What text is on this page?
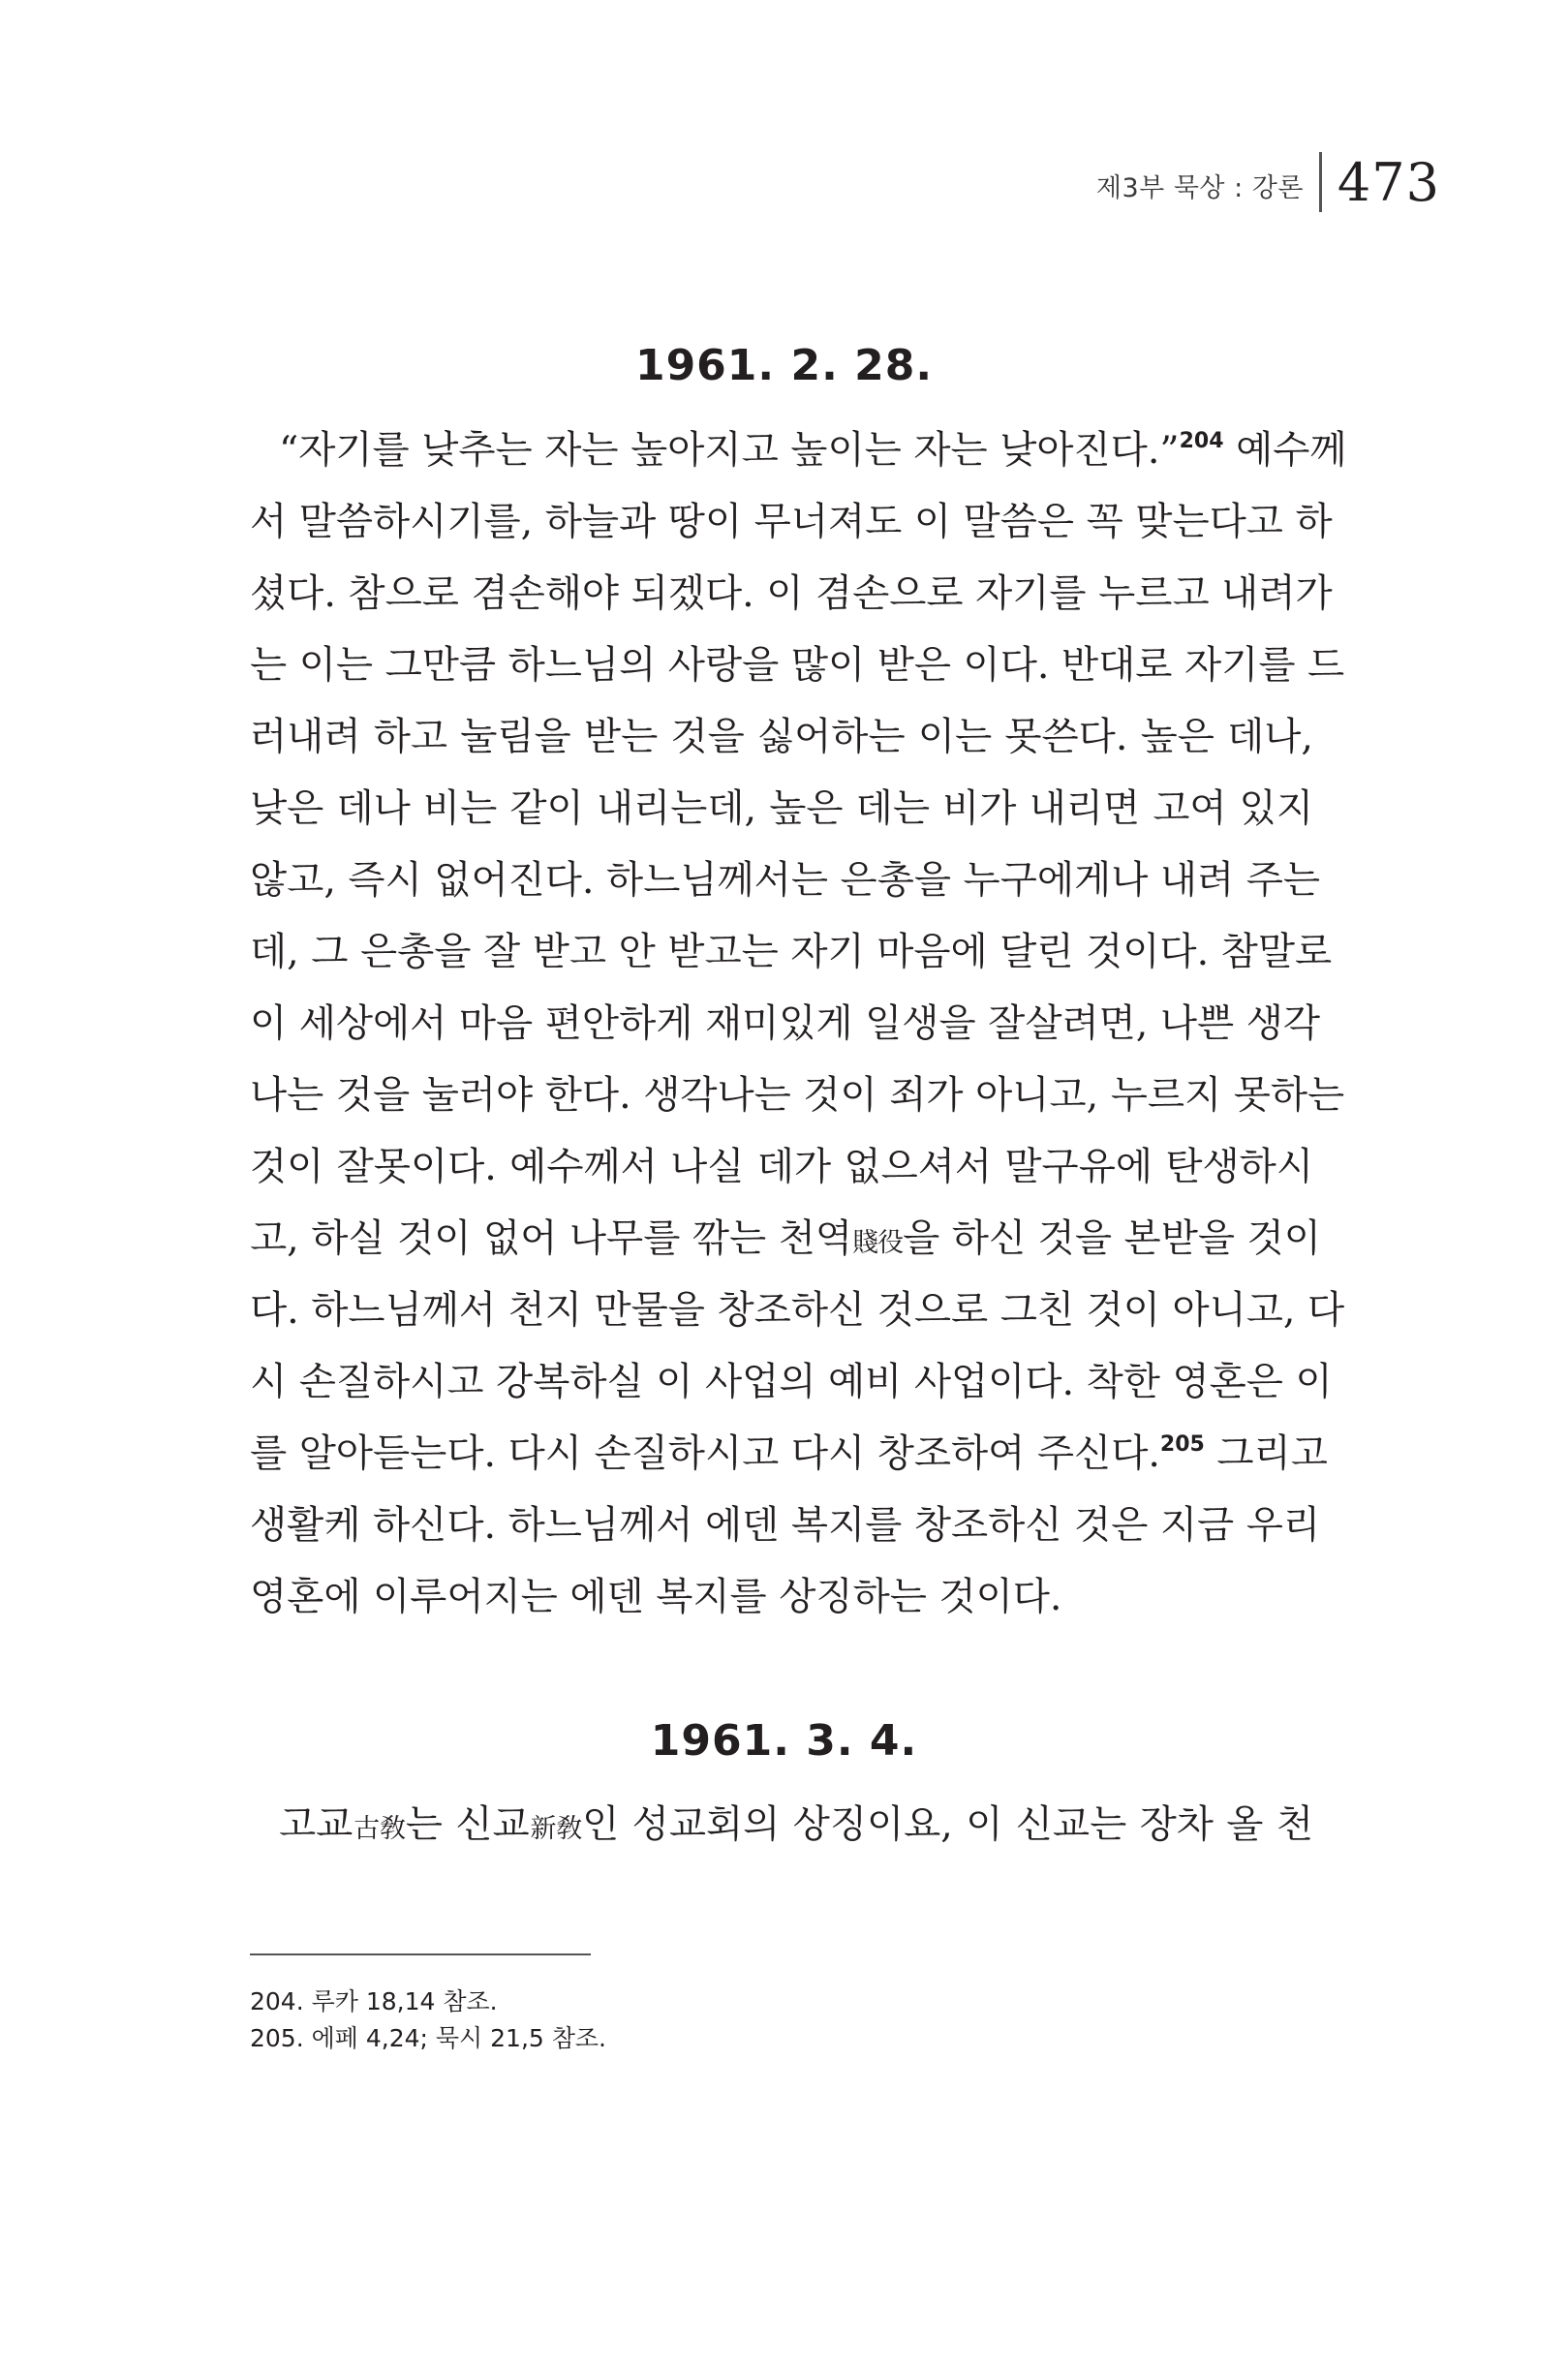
제3부 묵상 : 강론 473
1961. 2. 28.
“자기를 낮추는 자는 높아지고 높이는 자는 낮아진다.”$^{204}$ 예수께
서 말씀하시기를, 하늘과 땅이 무너져도 이 말씀은 꼭 맞는다고 하
셨다. 참으로 겸손해야 되겠다. 이 겸손으로 자기를 누르고 내려가
는 이는 그만큼 하느님의 사랑을 많이 받은 이다. 반대로 자기를 드
러내려 하고 눌림을 받는 것을 싫어하는 이는 못쓴다. 높은 데나,
낮은 데나 비는 같이 내리는데, 높은 데는 비가 내리면 고여 있지
않고, 즉시 없어진다. 하느님께서는 은총을 누구에게나 내려 주는
데, 그 은총을 잘 받고 안 받고는 자기 마음에 달린 것이다. 참말로
이 세상에서 마음 편안하게 재미있게 일생을 잘살려면, 나쁜 생각
나는 것을 눌러야 한다. 생각나는 것이 죄가 아니고, 누르지 못하는
것이 잘못이다. 예수께서 나실 데가 없으셔서 말구유에 탄생하시
고, 하실 것이 없어 나무를 깎는 천역賤役을 하신 것을 본받을 것이
다. 하느님께서 천지 만물을 창조하신 것으로 그친 것이 아니고, 다
시 손질하시고 강복하실 이 사업의 예비 사업이다. 착한 영혼은 이
를 알아듣는다. 다시 손질하시고 다시 창조하여 주신다.$^{205}$ 그리고
생활케 하신다. 하느님께서 에덴 복지를 창조하신 것은 지금 우리
영혼에 이루어지는 에덴 복지를 상징하는 것이다.
1961. 3. 4.
고교古敎는 신교新敎인 성교회의 상징이요, 이 신교는 장차 올 천
204. 루카 18,14 참조.
205. 에페 4,24; 묵시 21,5 참조.
